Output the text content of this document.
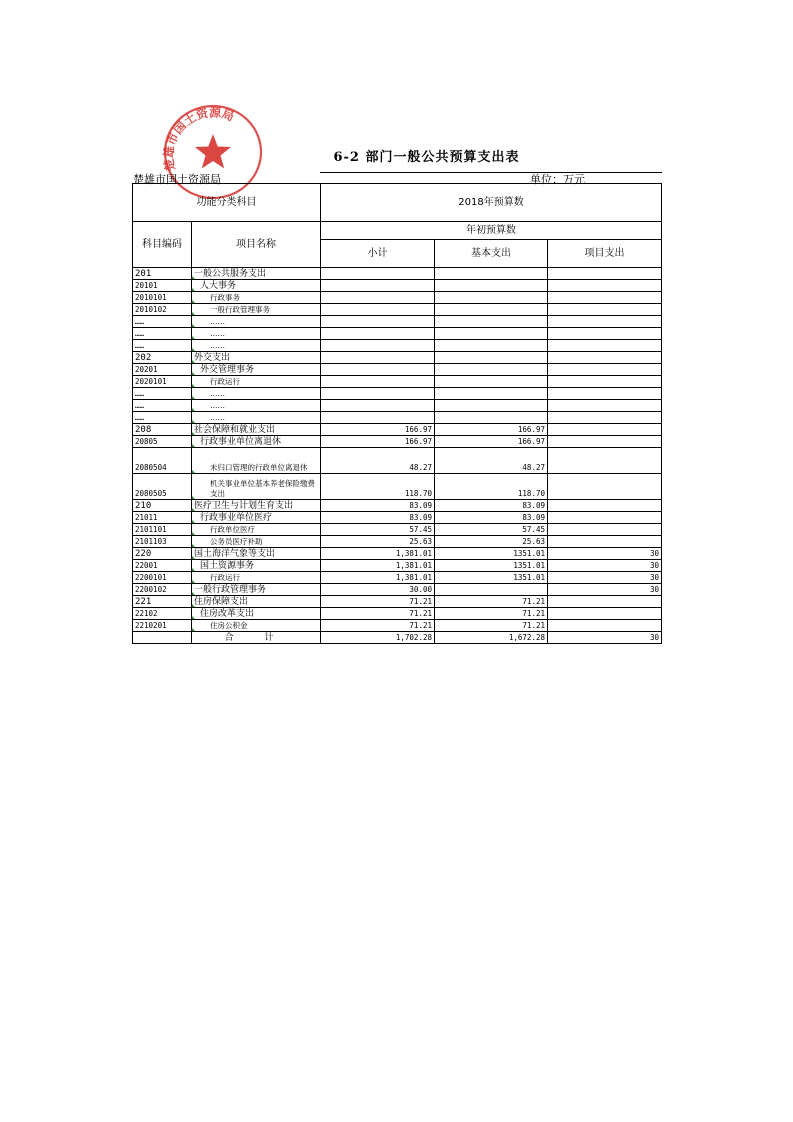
楚雄市国土资源局
6-2 部门一般公共预算支出表
楚雄市国土资源局	单位：万元
功能分类科目		2018年预算数		
科目编码	项目名称	年初预算数		
		小计	基本支出	项目支出
201	一般公共服务支出			
20101	人大事务			
2010101	行政事务			
2010102	一般行政管理事务			
……	……			
……	……			
……	……			
202	外交支出			
20201	外交管理事务			
2020101	行政运行			
……	……			
……	……			
……	……			
208	社会保障和就业支出	166.97	166.97	
20805	行政事业单位离退休	166.97	166.97	
2080504	未归口管理的行政单位离退休	48.27	48.27	
2080505	机关事业单位基本养老保险缴费支出	118.70	118.70	
210	医疗卫生与计划生育支出	83.09	83.09	
21011	行政事业单位医疗	83.09	83.09	
2101101	行政单位医疗	57.45	57.45	
2101103	公务员医疗补助	25.63	25.63	
220	国土海洋气象等支出	1,381.01	1351.01	30
22001	国土资源事务	1,381.01	1351.01	30
2200101	行政运行	1,381.01	1351.01	30
2200102	一般行政管理事务	30.00		30
221	住房保障支出	71.21	71.21	
22102	住房改革支出	71.21	71.21	
2210201	住房公积金	71.21	71.21	
	合 计	1,702.28	1,672.28	30
